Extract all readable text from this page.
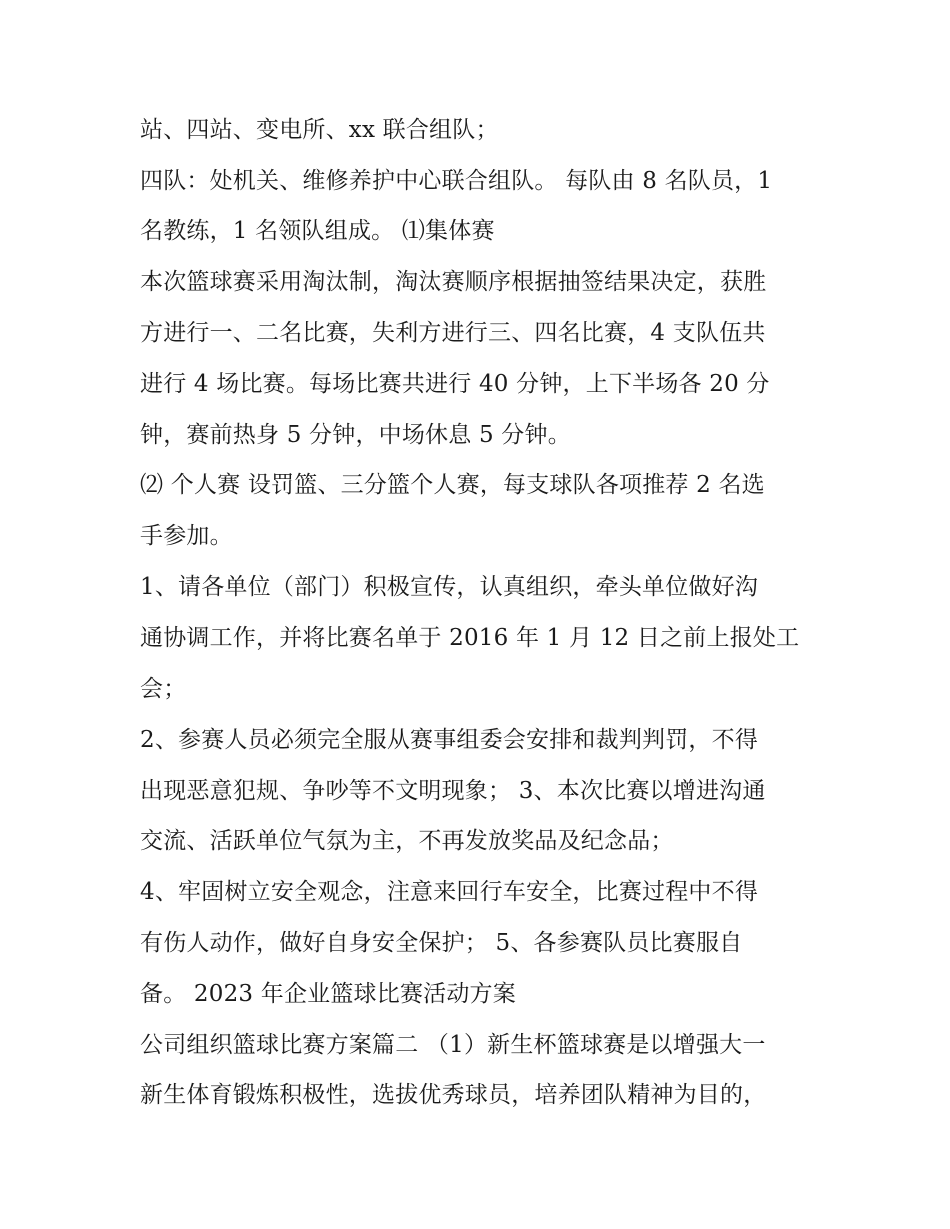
站、四站、变电所、xx 联合组队；
四队：处机关、维修养护中心联合组队。 每队由 8 名队员，1
名教练，1 名领队组成。 ⑴集体赛
本次篮球赛采用淘汰制，淘汰赛顺序根据抽签结果决定，获胜
方进行一、二名比赛，失利方进行三、四名比赛，4 支队伍共
进行 4 场比赛。每场比赛共进行 40 分钟，上下半场各 20 分
钟，赛前热身 5 分钟，中场休息 5 分钟。
⑵ 个人赛 设罚篮、三分篮个人赛，每支球队各项推荐 2 名选
手参加。
1、请各单位（部门）积极宣传，认真组织，牵头单位做好沟
通协调工作，并将比赛名单于 2016 年 1 月 12 日之前上报处工
会；
2、参赛人员必须完全服从赛事组委会安排和裁判判罚，不得
出现恶意犯规、争吵等不文明现象； 3、本次比赛以增进沟通
交流、活跃单位气氛为主，不再发放奖品及纪念品；
4、牢固树立安全观念，注意来回行车安全，比赛过程中不得
有伤人动作，做好自身安全保护； 5、各参赛队员比赛服自
备。 2023 年企业篮球比赛活动方案
公司组织篮球比赛方案篇二 （1）新生杯篮球赛是以增强大一
新生体育锻炼积极性，选拔优秀球员，培养团队精神为目的，
